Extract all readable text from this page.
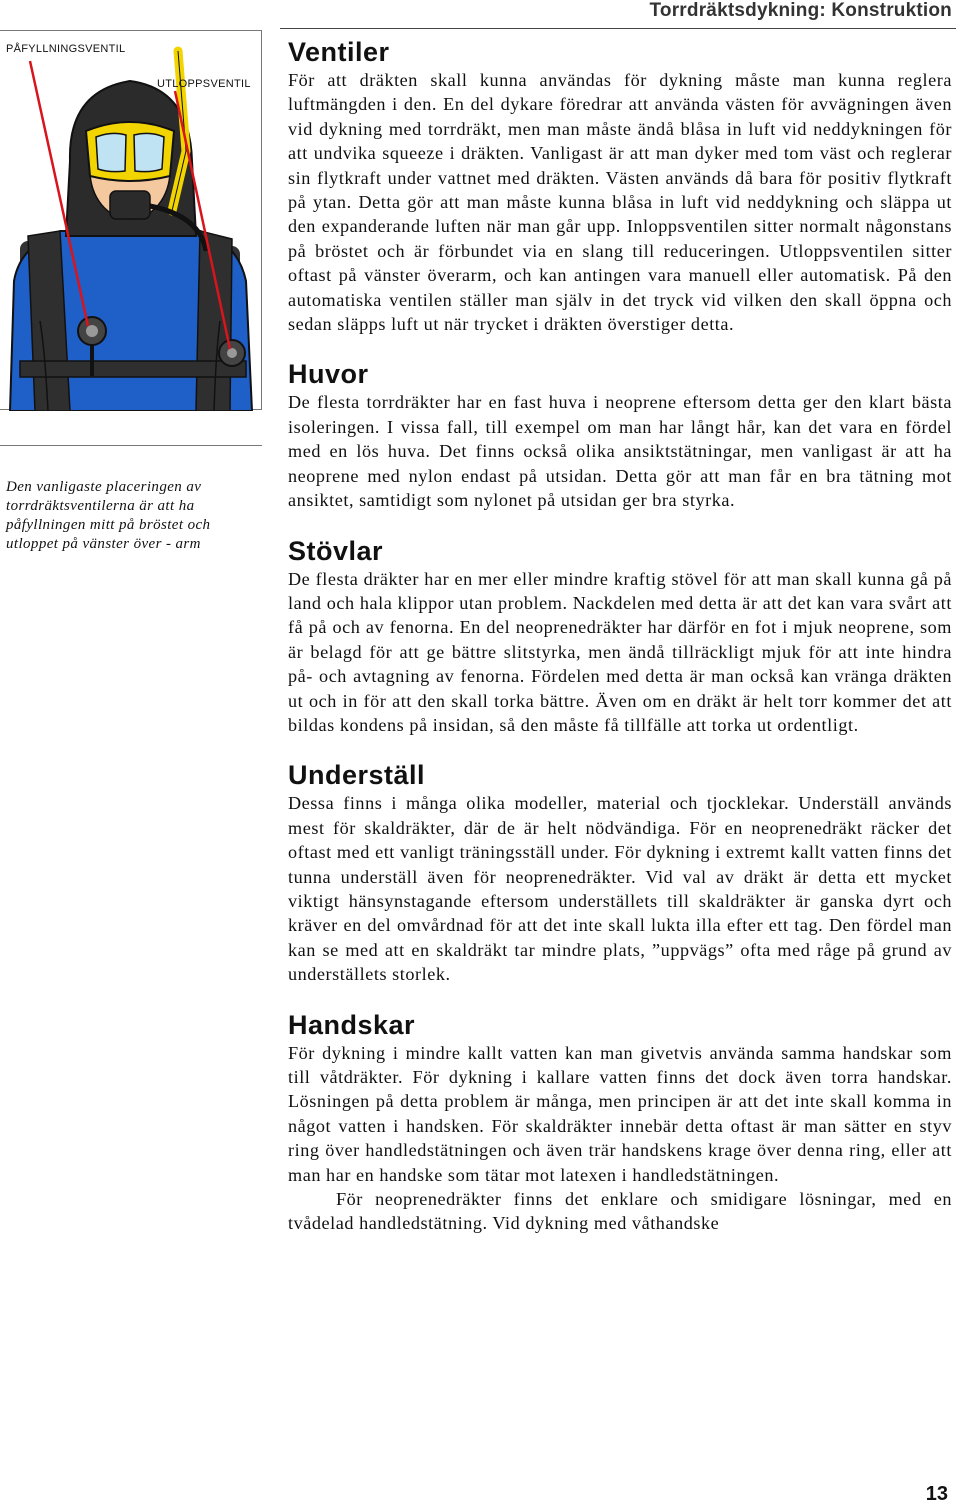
Torrdräktsdykning: Konstruktion
PÅFYLLNINGSVENTIL
UTLOPPSVENTIL
Den vanligaste placeringen av torrdräktsventilerna är att ha påfyllningen mitt på bröstet och utloppet på vänster över - arm
Ventiler

För att dräkten skall kunna användas för dykning måste man kunna reglera luftmängden i den. En del dykare föredrar att använda västen för avvägningen även vid dykning med torrdräkt, men man måste ändå blåsa in luft vid neddykningen för att undvika squeeze i dräkten. Vanligast är att man dyker med tom väst och reglerar sin flytkraft under vattnet med dräkten. Västen används då bara för positiv flytkraft på ytan. Detta gör att man måste kunna blåsa in luft vid neddykning och släppa ut den expanderande luften när man går upp. Inloppsventilen sitter normalt någonstans på bröstet och är förbundet via en slang till reduceringen. Utloppsventilen sitter oftast på vänster överarm, och kan antingen vara manuell eller automatisk. På den automatiska ventilen ställer man själv in det tryck vid vilken den skall öppna och sedan släpps luft ut när trycket i dräkten överstiger detta.

Huvor

De flesta torrdräkter har en fast huva i neoprene eftersom detta ger den klart bästa isoleringen. I vissa fall, till exempel om man har långt hår, kan det vara en fördel med en lös huva. Det finns också olika ansiktstätningar, men vanligast är att ha neoprene med nylon endast på utsidan. Detta gör att man får en bra tätning mot ansiktet, samtidigt som nylonet på utsidan ger bra styrka.

Stövlar

De flesta dräkter har en mer eller mindre kraftig stövel för att man skall kunna gå på land och hala klippor utan problem. Nackdelen med detta är att det kan vara svårt att få på och av fenorna. En del neoprenedräkter har därför en fot i mjuk neoprene, som är belagd för att ge bättre slitstyrka, men ändå tillräckligt mjuk för att inte hindra på- och avtagning av fenorna. Fördelen med detta är man också kan vränga dräkten ut och in för att den skall torka bättre. Även om en dräkt är helt torr kommer det att bildas kondens på insidan, så den måste få tillfälle att torka ut ordentligt.

Underställ

Dessa finns i många olika modeller, material och tjocklekar. Underställ används mest för skaldräkter, där de är helt nödvändiga. För en neoprenedräkt räcker det oftast med ett vanligt träningsställ under. För dykning i extremt kallt vatten finns det tunna underställ även för neoprenedräkter. Vid val av dräkt är detta ett mycket viktigt hänsynstagande eftersom underställets till skaldräkter är ganska dyrt och kräver en del omvårdnad för att det inte skall lukta illa efter ett tag. Den fördel man kan se med att en skaldräkt tar mindre plats, ”uppvägs” ofta med råge på grund av underställets storlek.

Handskar

För dykning i mindre kallt vatten kan man givetvis använda samma handskar som till våtdräkter. För dykning i kallare vatten finns det dock även torra handskar. Lösningen på detta problem är många, men principen är att det inte skall komma in något vatten i handsken. För skaldräkter innebär detta oftast är man sätter en styv ring över handledstätningen och även trär handskens krage över denna ring, eller att man har en handske som tätar mot latexen i handledstätningen.

För neoprenedräkter finns det enklare och smidigare lösningar, med en tvådelad handledstätning. Vid dykning med våthandske

13
